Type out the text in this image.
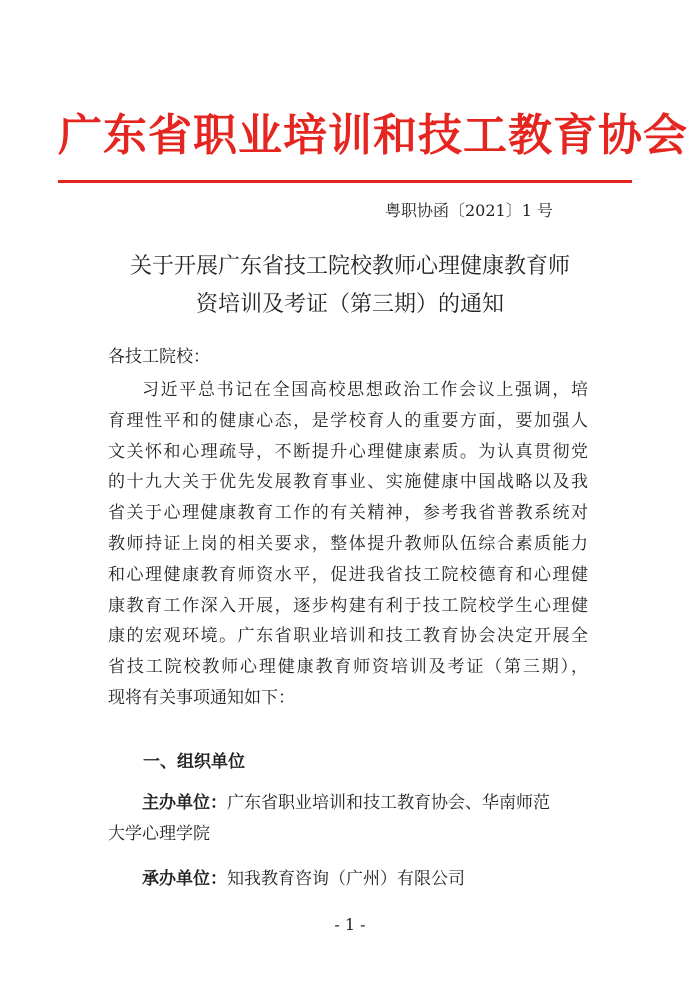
广东省职业培训和技工教育协会
粤职协函〔2021〕1 号
关于开展广东省技工院校教师心理健康教育师
资培训及考证（第三期）的通知
各技工院校：
习近平总书记在全国高校思想政治工作会议上强调，培
育理性平和的健康心态，是学校育人的重要方面，要加强人
文关怀和心理疏导，不断提升心理健康素质。为认真贯彻党
的十九大关于优先发展教育事业、实施健康中国战略以及我
省关于心理健康教育工作的有关精神，参考我省普教系统对
教师持证上岗的相关要求，整体提升教师队伍综合素质能力
和心理健康教育师资水平，促进我省技工院校德育和心理健
康教育工作深入开展，逐步构建有利于技工院校学生心理健
康的宏观环境。广东省职业培训和技工教育协会决定开展全
省技工院校教师心理健康教育师资培训及考证（第三期），
现将有关事项通知如下：
一、组织单位
主办单位：广东省职业培训和技工教育协会、华南师范
大学心理学院
承办单位：知我教育咨询（广州）有限公司
- 1 -
